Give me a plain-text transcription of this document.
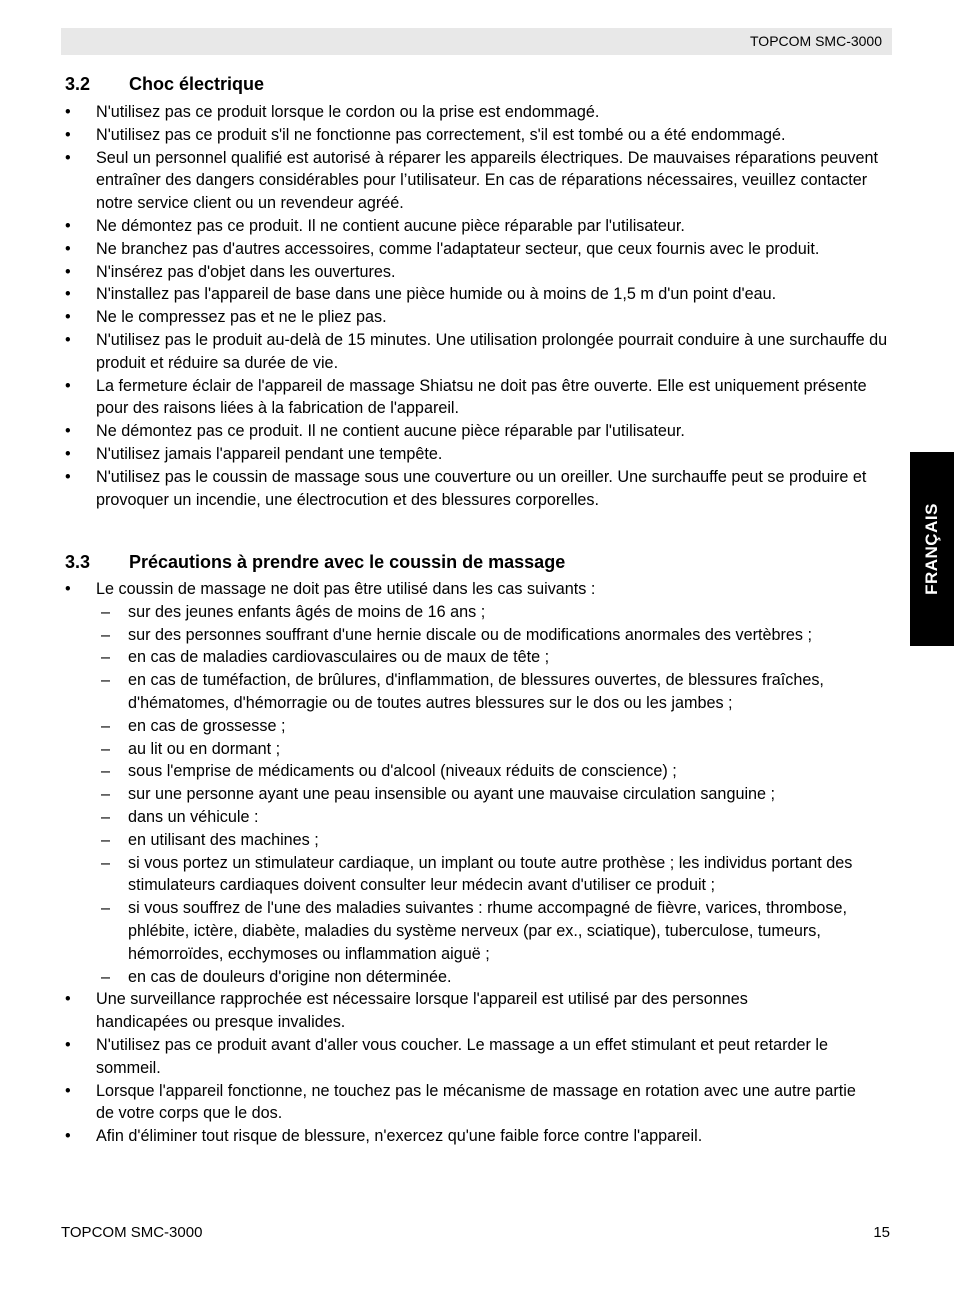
TOPCOM SMC-3000
FRANÇAIS
3.2 Choc électrique
• N'utilisez pas ce produit lorsque le cordon ou la prise est endommagé.
• N'utilisez pas ce produit s'il ne fonctionne pas correctement, s'il est tombé ou a été endommagé.
• Seul un personnel qualifié est autorisé à réparer les appareils électriques. De mauvaises réparations peuvent entraîner des dangers considérables pour l’utilisateur. En cas de réparations nécessaires, veuillez contacter notre service client ou un revendeur agréé.
• Ne démontez pas ce produit. Il ne contient aucune pièce réparable par l'utilisateur.
• Ne branchez pas d'autres accessoires, comme l'adaptateur secteur, que ceux fournis avec le produit.
• N'insérez pas d'objet dans les ouvertures.
• N'installez pas l'appareil de base dans une pièce humide ou à moins de 1,5 m d'un point d'eau.
• Ne le compressez pas et ne le pliez pas.
• N'utilisez pas le produit au-delà de 15 minutes. Une utilisation prolongée pourrait conduire à une surchauffe du produit et réduire sa durée de vie.
• La fermeture éclair de l'appareil de massage Shiatsu ne doit pas être ouverte. Elle est uniquement présente pour des raisons liées à la fabrication de l'appareil.
• Ne démontez pas ce produit. Il ne contient aucune pièce réparable par l'utilisateur.
• N'utilisez jamais l'appareil pendant une tempête.
• N'utilisez pas le coussin de massage sous une couverture ou un oreiller. Une surchauffe peut se produire et provoquer un incendie, une électrocution et des blessures corporelles.
3.3 Précautions à prendre avec le coussin de massage
• Le coussin de massage ne doit pas être utilisé dans les cas suivants :
– sur des jeunes enfants âgés de moins de 16 ans ;
– sur des personnes souffrant d'une hernie discale ou de modifications anormales des vertèbres ;
– en cas de maladies cardiovasculaires ou de maux de tête ;
– en cas de tuméfaction, de brûlures, d'inflammation, de blessures ouvertes, de blessures fraîches, d'hématomes, d'hémorragie ou de toutes autres blessures sur le dos ou les jambes ;
– en cas de grossesse ;
– au lit ou en dormant ;
– sous l'emprise de médicaments ou d'alcool (niveaux réduits de conscience) ;
– sur une personne ayant une peau insensible ou ayant une mauvaise circulation sanguine ;
– dans un véhicule :
– en utilisant des machines ;
– si vous portez un stimulateur cardiaque, un implant ou toute autre prothèse ; les individus portant des stimulateurs cardiaques doivent consulter leur médecin avant d'utiliser ce produit ;
– si vous souffrez de l'une des maladies suivantes : rhume accompagné de fièvre, varices, thrombose, phlébite, ictère, diabète, maladies du système nerveux (par ex., sciatique), tuberculose, tumeurs, hémorroïdes, ecchymoses ou inflammation aiguë ;
– en cas de douleurs d'origine non déterminée.
• Une surveillance rapprochée est nécessaire lorsque l'appareil est utilisé par des personnes handicapées ou presque invalides.
• N'utilisez pas ce produit avant d'aller vous coucher. Le massage a un effet stimulant et peut retarder le sommeil.
• Lorsque l'appareil fonctionne, ne touchez pas le mécanisme de massage en rotation avec une autre partie de votre corps que le dos.
• Afin d'éliminer tout risque de blessure, n'exercez qu'une faible force contre l'appareil.
TOPCOM SMC-3000	15
